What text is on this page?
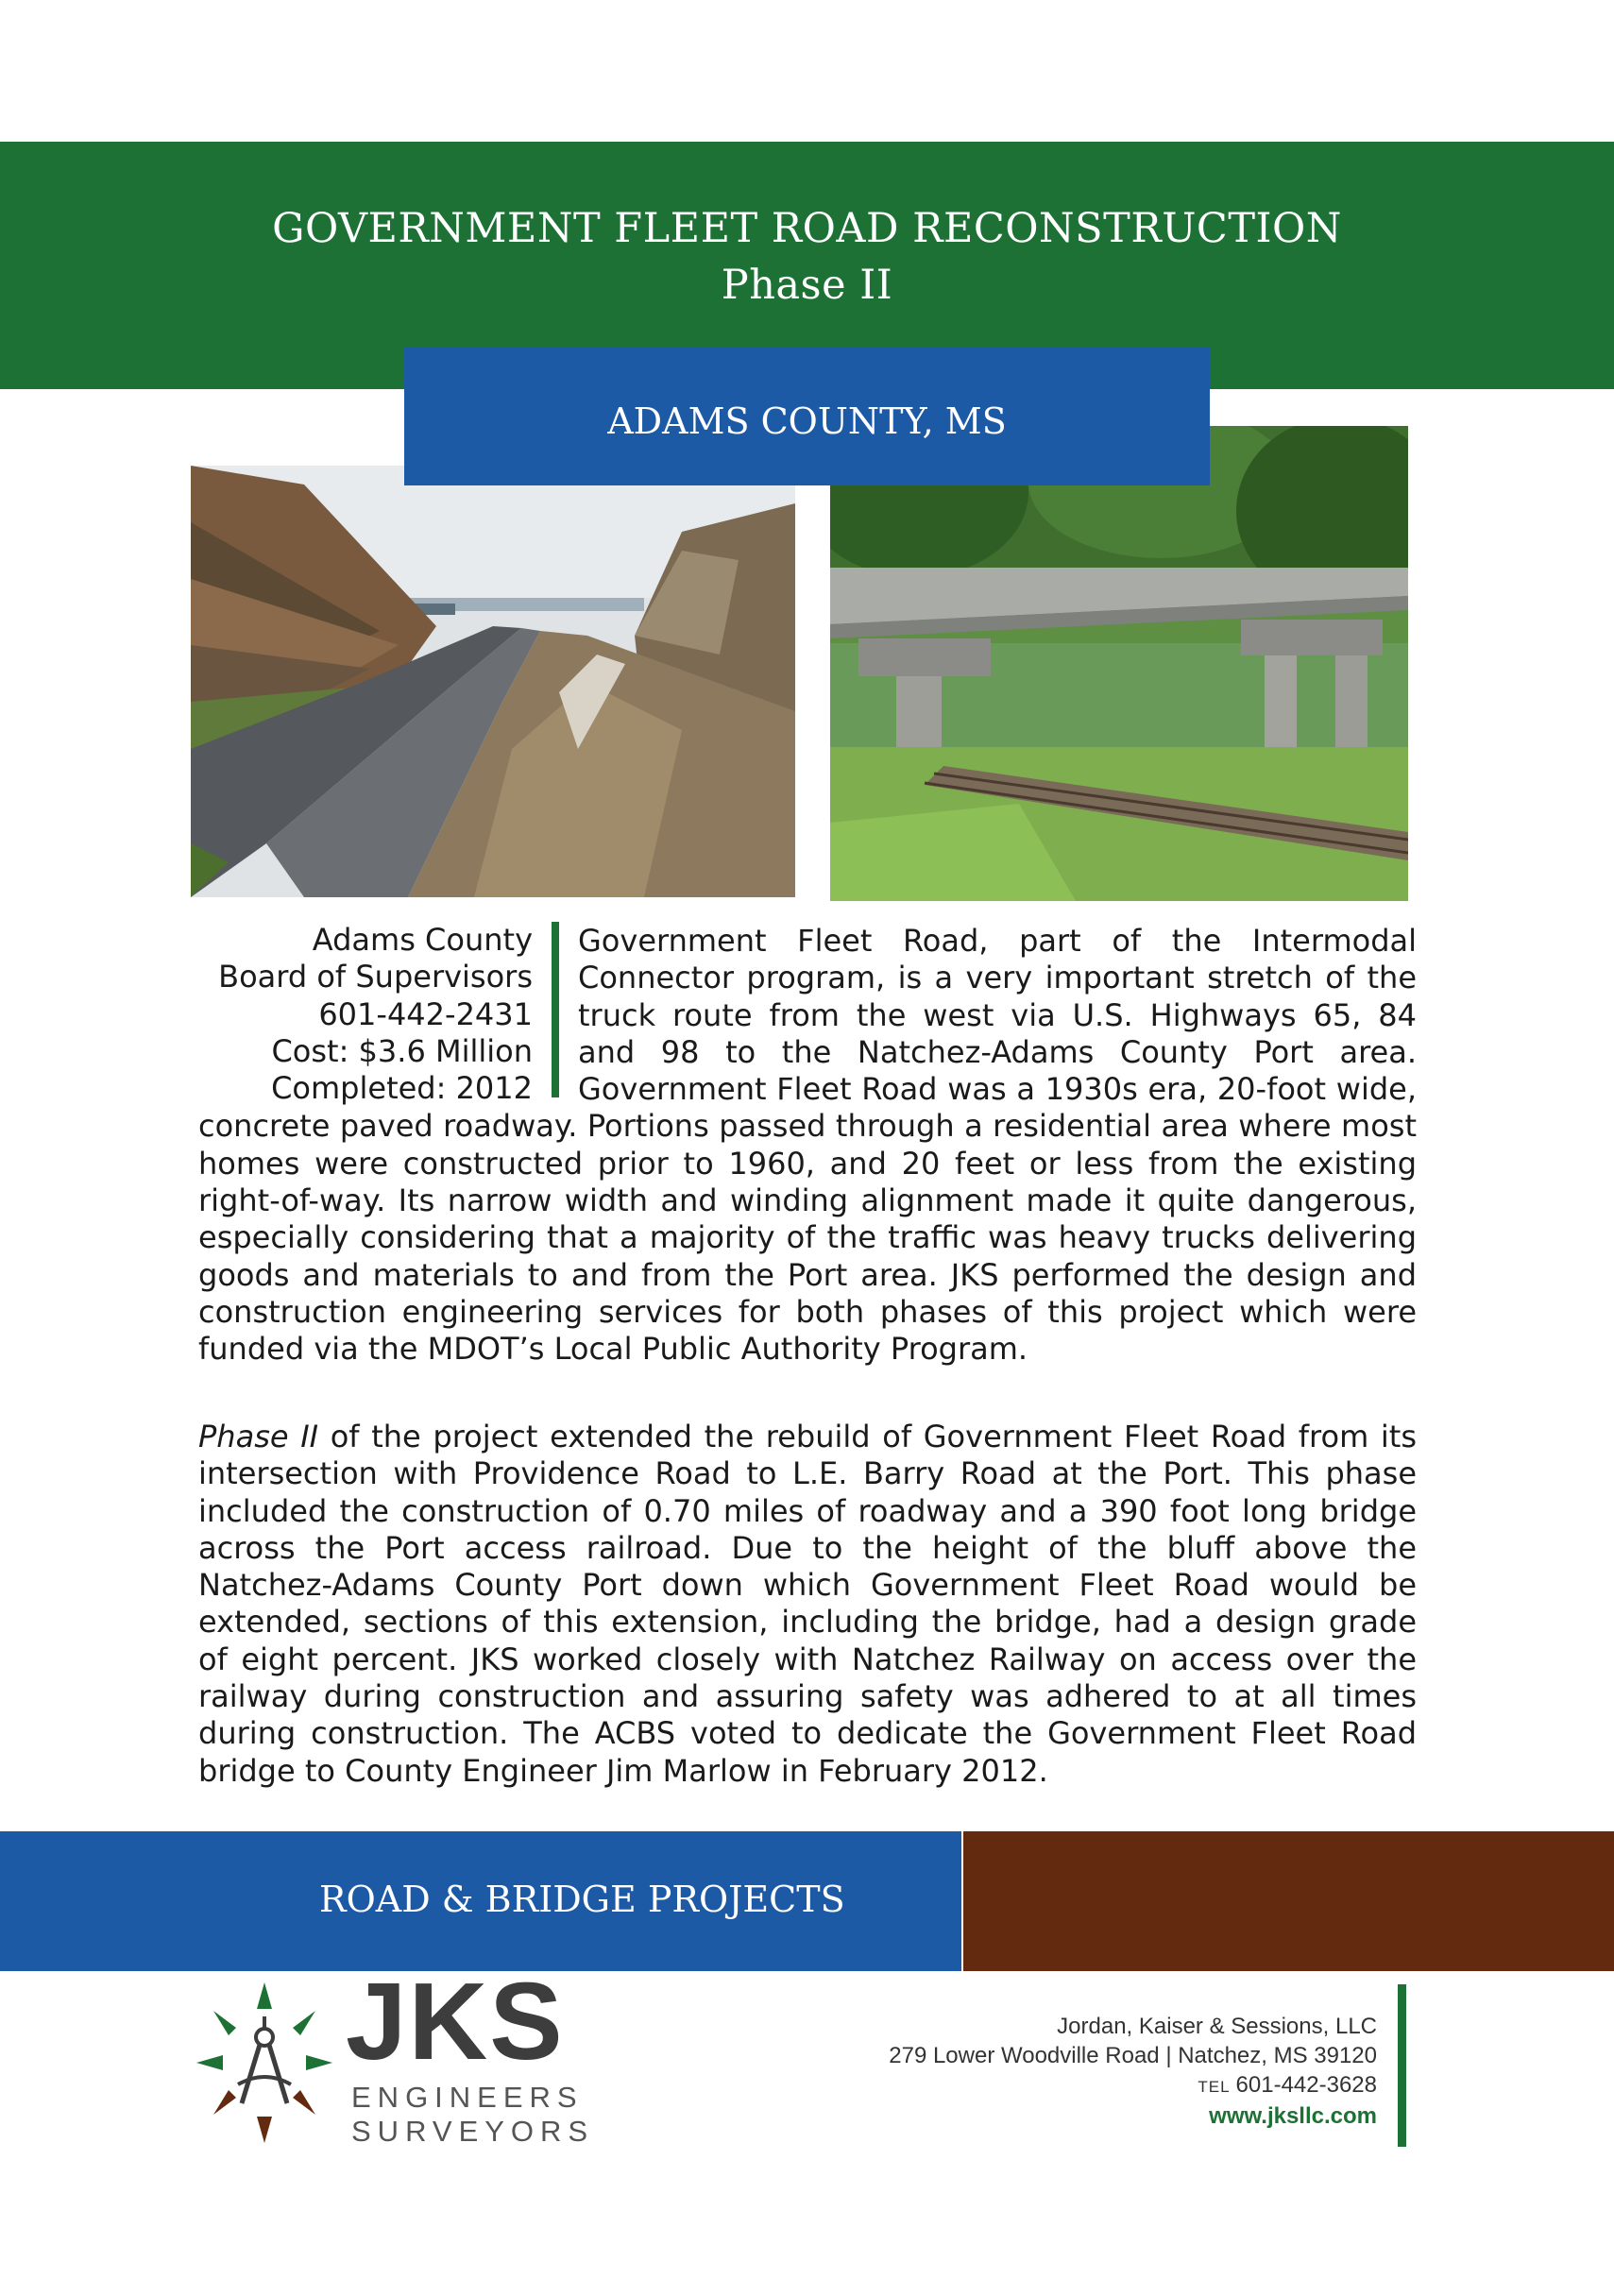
GOVERNMENT FLEET ROAD RECONSTRUCTION
Phase II
ADAMS COUNTY, MS
Adams County
Board of Supervisors
601-442-2431
Cost: $3.6 Million
Completed: 2012

Government Fleet Road, part of the Intermodal Connector program, is a very important stretch of the truck route from the west via U.S. Highways 65, 84 and 98 to the Natchez-Adams County Port area. Government Fleet Road was a 1930s era, 20-foot wide, concrete paved roadway. Portions passed through a residential area where most homes were constructed prior to 1960, and 20 feet or less from the existing right-of-way. Its narrow width and winding alignment made it quite dangerous, especially considering that a majority of the traffic was heavy trucks delivering goods and materials to and from the Port area. JKS performed the design and construction engineering services for both phases of this project which were funded via the MDOT’s Local Public Authority Program.

Phase II of the project extended the rebuild of Government Fleet Road from its intersection with Providence Road to L.E. Barry Road at the Port. This phase included the construction of 0.70 miles of roadway and a 390 foot long bridge across the Port access railroad. Due to the height of the bluff above the Natchez-Adams County Port down which Government Fleet Road would be extended, sections of this extension, including the bridge, had a design grade of eight percent. JKS worked closely with Natchez Railway on access over the railway during construction and assuring safety was adhered to at all times during construction. The ACBS voted to dedicate the Government Fleet Road bridge to County Engineer Jim Marlow in February 2012.

ROAD & BRIDGE PROJECTS
JKS
ENGINEERS
SURVEYORS
Jordan, Kaiser & Sessions, LLC
279 Lower Woodville Road | Natchez, MS 39120
TEL 601-442-3628
www.jksllc.com
